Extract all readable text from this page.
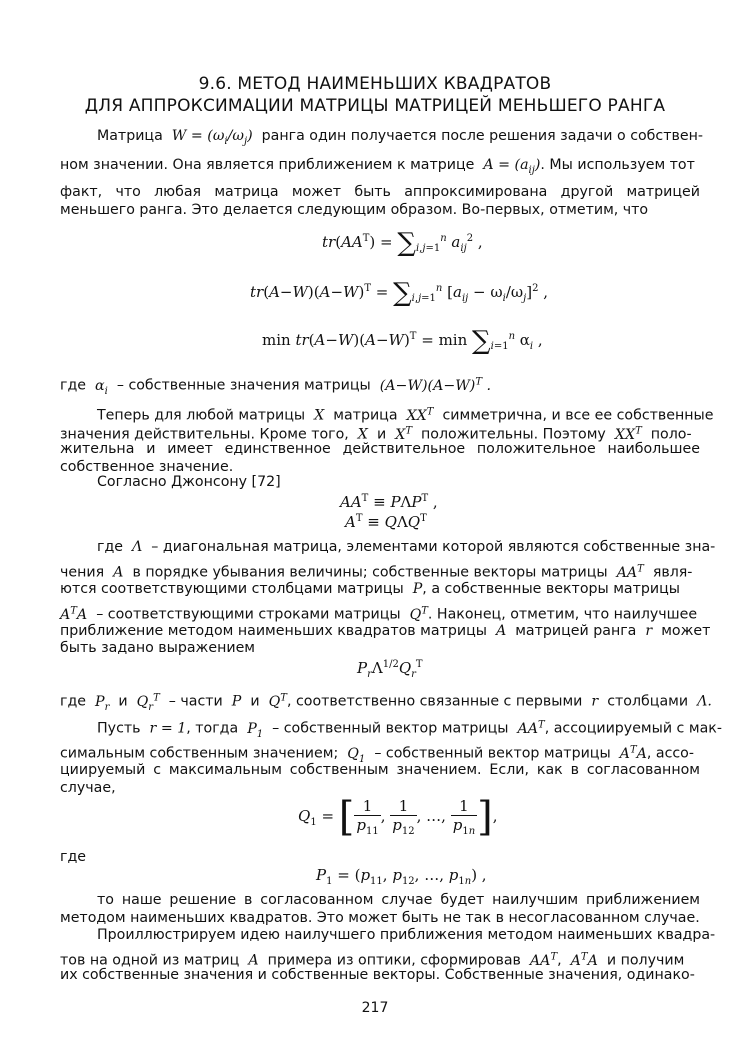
9.6. МЕТОД НАИМЕНЬШИХ КВАДРАТОВ
ДЛЯ АППРОКСИМАЦИИ МАТРИЦЫ МАТРИЦЕЙ МЕНЬШЕГО РАНГА
Матрица  $W = (\omega_i/\omega_j)$  ранга один получается после решения задачи о собствен-
ном значении. Она является приближением к матрице  $A = (a_{ij})$. Мы используем тот
факт, что любая матрица может быть аппроксимирована другой матрицей меньшего ранга. Это делается следующим образом. Во-первых, отметим, что
$tr(AA^T) = \sum_{i,j=1}^n$ $a_{ij}^2$ ,
$tr(A-W)(A-W)^T = \sum_{i,j=1}^n$ $[a_{ij} - \omega_i/\omega_j]^2$ ,
$\min tr(A-W)(A-W)^T = \min \sum_{i=1}^n$ $\alpha_i$ ,
где  $\alpha_i$ – собственные значения матрицы  $(A-W)(A-W)^T$ .
Теперь для любой матрицы  X  матрица  $XX^T$ симметрична, и все ее собственные
значения действительны. Кроме того,  X  и  $X^T$ положительны. Поэтому  $XX^T$ поло-
жительна и имеет единственное действительное положительное наибольшее собственное значение.
Согласно Джонсону [72]
$AA^T \equiv P\Lambda P^T$ ,
$A^T \equiv Q\Lambda Q^T$
где  Λ  – диагональная матрица, элементами которой являются собственные зна-
чения  A  в порядке убывания величины; собственные векторы матрицы  $AA^T$ явля-
ются соответствующими столбцами матрицы  P, а собственные векторы матрицы
$A^TA$  – соответствующими строками матрицы  $Q^T$. Наконец, отметим, что наилучшее
приближение методом наименьших квадратов матрицы  A  матрицей ранга  r  может
быть задано выражением
$P_r\Lambda^{1/2}Q_r^T$
где  $P_r$ и  $Q_r^T$ – части  P  и  $Q^T$, соответственно связанные с первыми  r  столбцами  Λ.
Пусть  r = 1, тогда  $P_1$ – собственный вектор матрицы  $AA^T$, ассоциируемый с мак-
симальным собственным значением;  $Q_1$ – собственный вектор матрицы  $A^TA$, ассо-
циируемый с максимальным собственным значением. Если, как в согласованном случае,
$Q_1$ = [ $\frac{1}{p_{11}}$ , $\frac{1}{p_{12}}$ , …, $\frac{1}{p_{1n}}$ ],
где
$P_1 = (p_{11}$, $p_{12}$, …, $p_{1n}$) ,
то наше решение в согласованном случае будет наилучшим приближением методом наименьших квадратов. Это может быть не так в несогласованном случае.
Проиллюстрируем идею наилучшего приближения методом наименьших квадра-
тов на одной из матриц  A  примера из оптики, сформировав  $AA^T$,  $A^TA$  и получим
их собственные значения и собственные векторы. Собственные значения, одинако-
217
